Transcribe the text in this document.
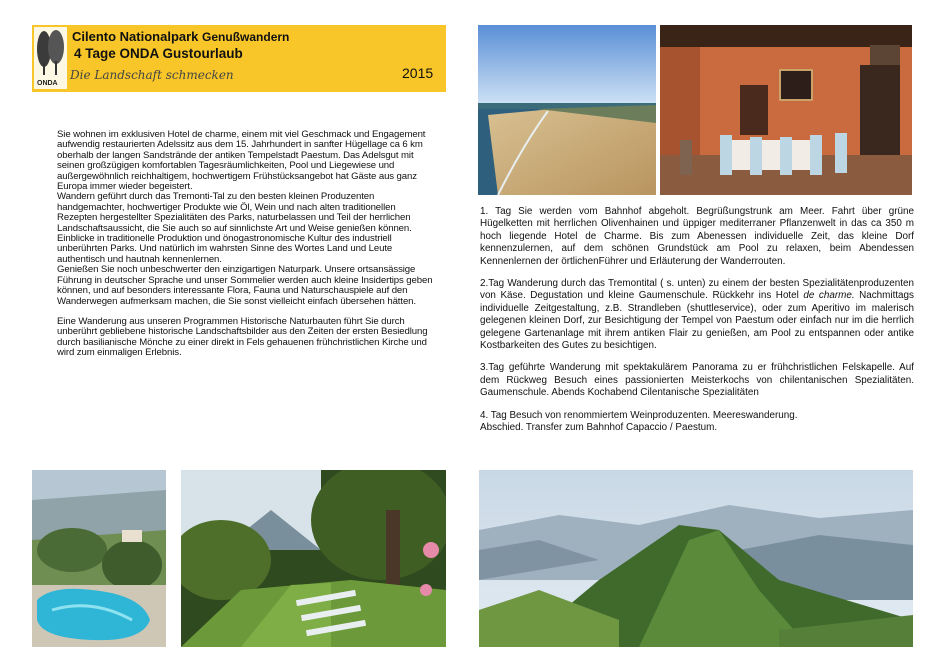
ONDA
Cilento Nationalpark Genußwandern
4 Tage ONDA Gustourlaub
Die Landschaft schmecken	2015

Sie wohnen im exklusiven Hotel de charme, einem mit viel Geschmack und Engagement aufwendig restaurierten Adelssitz aus dem 15. Jahrhundert in sanfter Hügellage ca 6 km oberhalb der langen Sandstrände der antiken Tempelstadt Paestum. Das Adelsgut mit seinen großzügigen komfortablen Tagesräumlichkeiten, Pool und Liegewiese und außergewöhnlich reichhaltigem, hochwertigem Frühstücksangebot hat Gäste aus ganz Europa immer wieder begeistert.

Wandern geführt durch das Tremonti-Tal zu den besten kleinen Produzenten handgemachter, hochwertiger Produkte wie Öl, Wein und nach alten traditionellen Rezepten hergestellter Spezialitäten des Parks, naturbelassen und Teil der herrlichen Landschaftsaussicht, die Sie auch so auf sinnlichste Art und Weise genießen können. Einblicke in traditionelle Produktion und önogastronomische Kultur des industriell unberührten Parks. Und natürlich im wahrsten Sinne des Wortes Land und Leute authentisch und hautnah kennenlernen.

Genießen Sie noch unbeschwerter den einzigartigen Naturpark. Unsere ortsansässige Führung in deutscher Sprache und unser Sommelier werden auch kleine Insidertips geben können, und auf besonders interessante Flora, Fauna und Naturschauspiele auf den Wanderwegen aufmerksam machen, die Sie sonst vielleicht einfach übersehen hätten.

Eine Wanderung aus unseren Programmen Historische Naturbauten führt Sie durch unberührt gebliebene historische Landschaftsbilder aus den Zeiten der ersten Besiedlung durch basilianische Mönche zu einer direkt in Fels gehauenen frühchristlichen Kirche und wird zum einmaligen Erlebnis.

1. Tag Sie werden vom Bahnhof abgeholt. Begrüßungstrunk am Meer. Fahrt über grüne Hügelketten mit herrlichen Olivenhainen und üppiger mediterraner Pflanzenwelt in das ca 350 m hoch liegende Hotel de Charme. Bis zum Abenessen individuelle Zeit, das kleine Dorf kennenzulernen, auf dem schönen Grundstück am Pool zu relaxen, beim Abendessen Kennenlernen der örtlichenFührer und Erläuterung der Wanderrouten.

2.Tag Wanderung durch das Tremontital ( s. unten) zu einem der besten Spezialitätenproduzenten von Käse. Degustation und kleine Gaumenschule. Rückkehr ins Hotel de charme. Nachmittags individuelle Zeitgestaltung, z.B. Strandleben (shuttleservice), oder zum Aperitivo im malerisch gelegenen kleinen Dorf, zur Besichtigung der Tempel von Paestum oder einfach nur im die herrlich gelegene Gartenanlage mit ihrem antiken Flair zu genießen, am Pool zu entspannen oder antike Kostbarkeiten des Gutes zu besichtigen.

3.Tag geführte Wanderung mit spektakulärem Panorama zu er frühchristlichen Felskapelle. Auf dem Rückweg Besuch eines passionierten Meisterkochs von chilentanischen Spezialitäten. Gaumenschule. Abends Kochabend Cilentanische Spezialitäten

4. Tag Besuch von renommiertem Weinproduzenten. Meereswanderung.
Abschied. Transfer zum Bahnhof Capaccio / Paestum.
